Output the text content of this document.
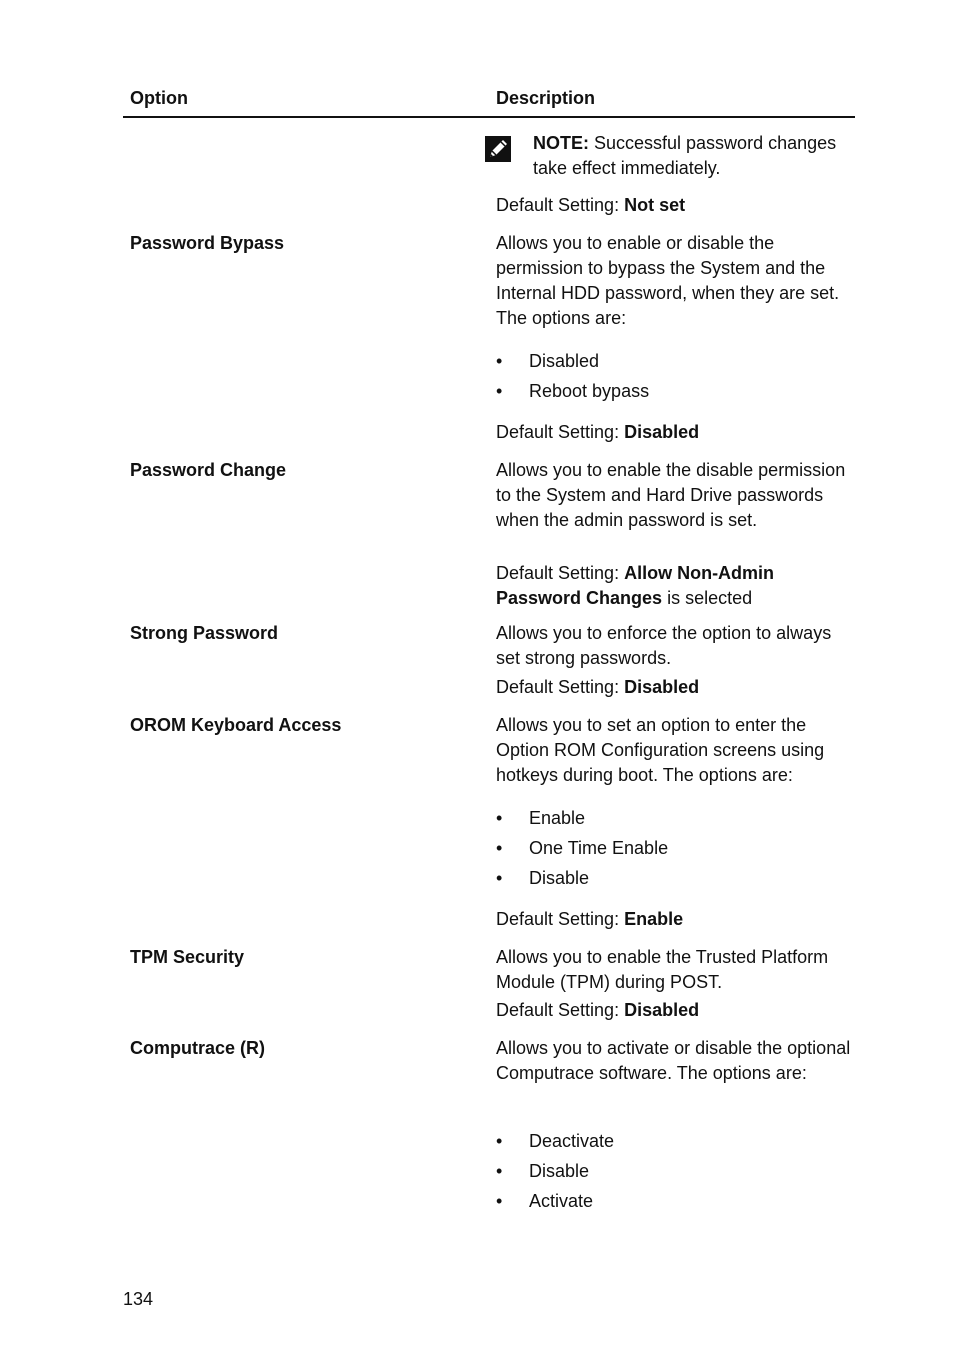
Option	Description
NOTE: Successful password changes take effect immediately.
Default Setting: Not set
Password Bypass	Allows you to enable or disable the permission to bypass the System and the Internal HDD password, when they are set. The options are:
• Disabled
• Reboot bypass
Default Setting: Disabled
Password Change	Allows you to enable the disable permission to the System and Hard Drive passwords when the admin password is set.
Default Setting: Allow Non-Admin Password Changes is selected
Strong Password	Allows you to enforce the option to always set strong passwords.
Default Setting: Disabled
OROM Keyboard Access	Allows you to set an option to enter the Option ROM Configuration screens using hotkeys during boot. The options are:
• Enable
• One Time Enable
• Disable
Default Setting: Enable
TPM Security	Allows you to enable the Trusted Platform Module (TPM) during POST.
Default Setting: Disabled
Computrace (R)	Allows you to activate or disable the optional Computrace software. The options are:
• Deactivate
• Disable
• Activate
134
